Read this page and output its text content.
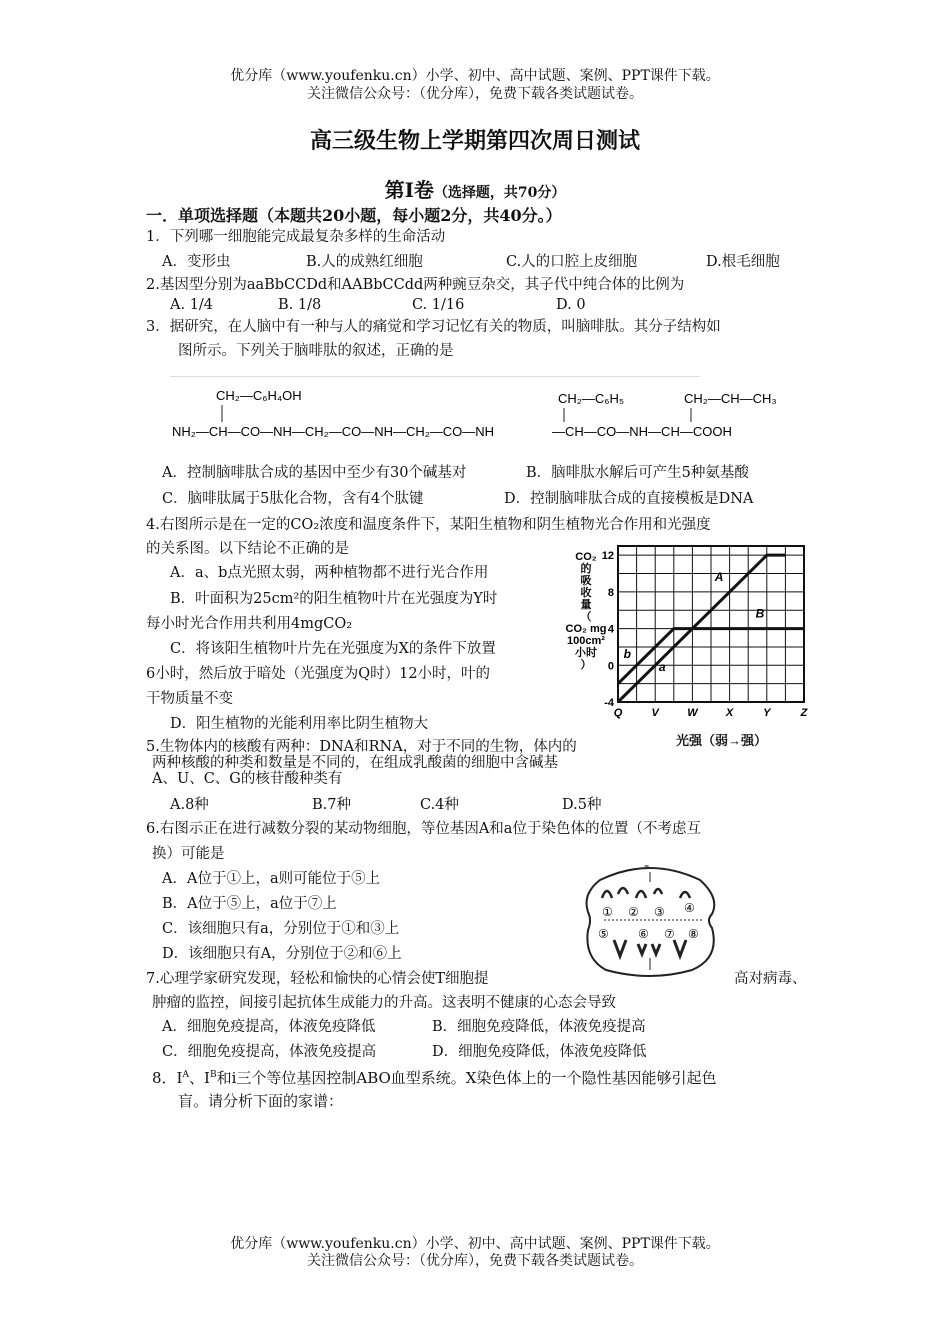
优分库（www.youfenku.cn）小学、初中、高中试题、案例、PPT课件下载。
关注微信公众号：（优分库），免费下载各类试题试卷。
高三级生物上学期第四次周日测试
第Ⅰ卷（选择题，共70分）
一．单项选择题（本题共20小题，每小题2分，共40分。）
1．下列哪一细胞能完成最复杂多样的生命活动
A．变形虫	B.人的成熟红细胞	C.人的口腔上皮细胞	D.根毛细胞
2.基因型分别为aaBbCCDd和AABbCCdd两种豌豆杂交，其子代中纯合体的比例为
A. 1/4	B. 1/8	C. 1/16	D. 0
3．据研究，在人脑中有一种与人的痛觉和学习记忆有关的物质，叫脑啡肽。其分子结构如
图所示。下列关于脑啡肽的叙述，正确的是
CH₂—C₆H₄OH	CH₂—C₆H₅	CH₂—CH—CH₃
NH₂—CH—CO—NH—CH₂—CO—NH—CH₂—CO—NH	—CH—CO—NH—CH—COOH
A．控制脑啡肽合成的基因中至少有30个碱基对	B．脑啡肽水解后可产生5种氨基酸
C．脑啡肽属于5肽化合物，含有4个肽键	D．控制脑啡肽合成的直接模板是DNA
4.右图所示是在一定的CO₂浓度和温度条件下，某阳生植物和阴生植物光合作用和光强度
的关系图。以下结论不正确的是
A．a、b点光照太弱，两种植物都不进行光合作用
B．叶面积为25cm²的阳生植物叶片在光强度为Y时
每小时光合作用共利用4mgCO₂
C．将该阳生植物叶片先在光强度为X的条件下放置
6小时，然后放于暗处（光强度为Q时）12小时，叶的
干物质量不变
D．阳生植物的光能利用率比阴生植物大
CO₂
的
吸
收
量
（
CO₂ mg
100cm²
小时
）
-4
0
4
8
12
Q	V	W	X	Y	Z
A
B
a
b
光强（弱→强）
5.生物体内的核酸有两种：DNA和RNA，对于不同的生物，体内的
两种核酸的种类和数量是不同的，在组成乳酸菌的细胞中含碱基
A、U、C、G的核苷酸种类有
A.8种	B.7种	C.4种	D.5种
6.右图示正在进行减数分裂的某动物细胞，等位基因A和a位于染色体的位置（不考虑互
换）可能是
A．A位于①上，a则可能位于⑤上
B．A位于⑤上，a位于⑦上
C．该细胞只有a，分别位于①和③上
D．该细胞只有A，分别位于②和⑥上
⁼
① ② ③ ④
⑤ ⑥ ⑦ ⑧
7.心理学家研究发现，轻松和愉快的心情会使T细胞提	高对病毒、
肿瘤的监控，间接引起抗体生成能力的升高。这表明不健康的心态会导致
A．细胞免疫提高，体液免疫降低	B．细胞免疫降低，体液免疫提高
C．细胞免疫提高，体液免疫提高	D．细胞免疫降低，体液免疫降低
8．$I^A$、$I^B$和i三个等位基因控制ABO血型系统。X染色体上的一个隐性基因能够引起色
盲。请分析下面的家谱：
优分库（www.youfenku.cn）小学、初中、高中试题、案例、PPT课件下载。
关注微信公众号：（优分库），免费下载各类试题试卷。
